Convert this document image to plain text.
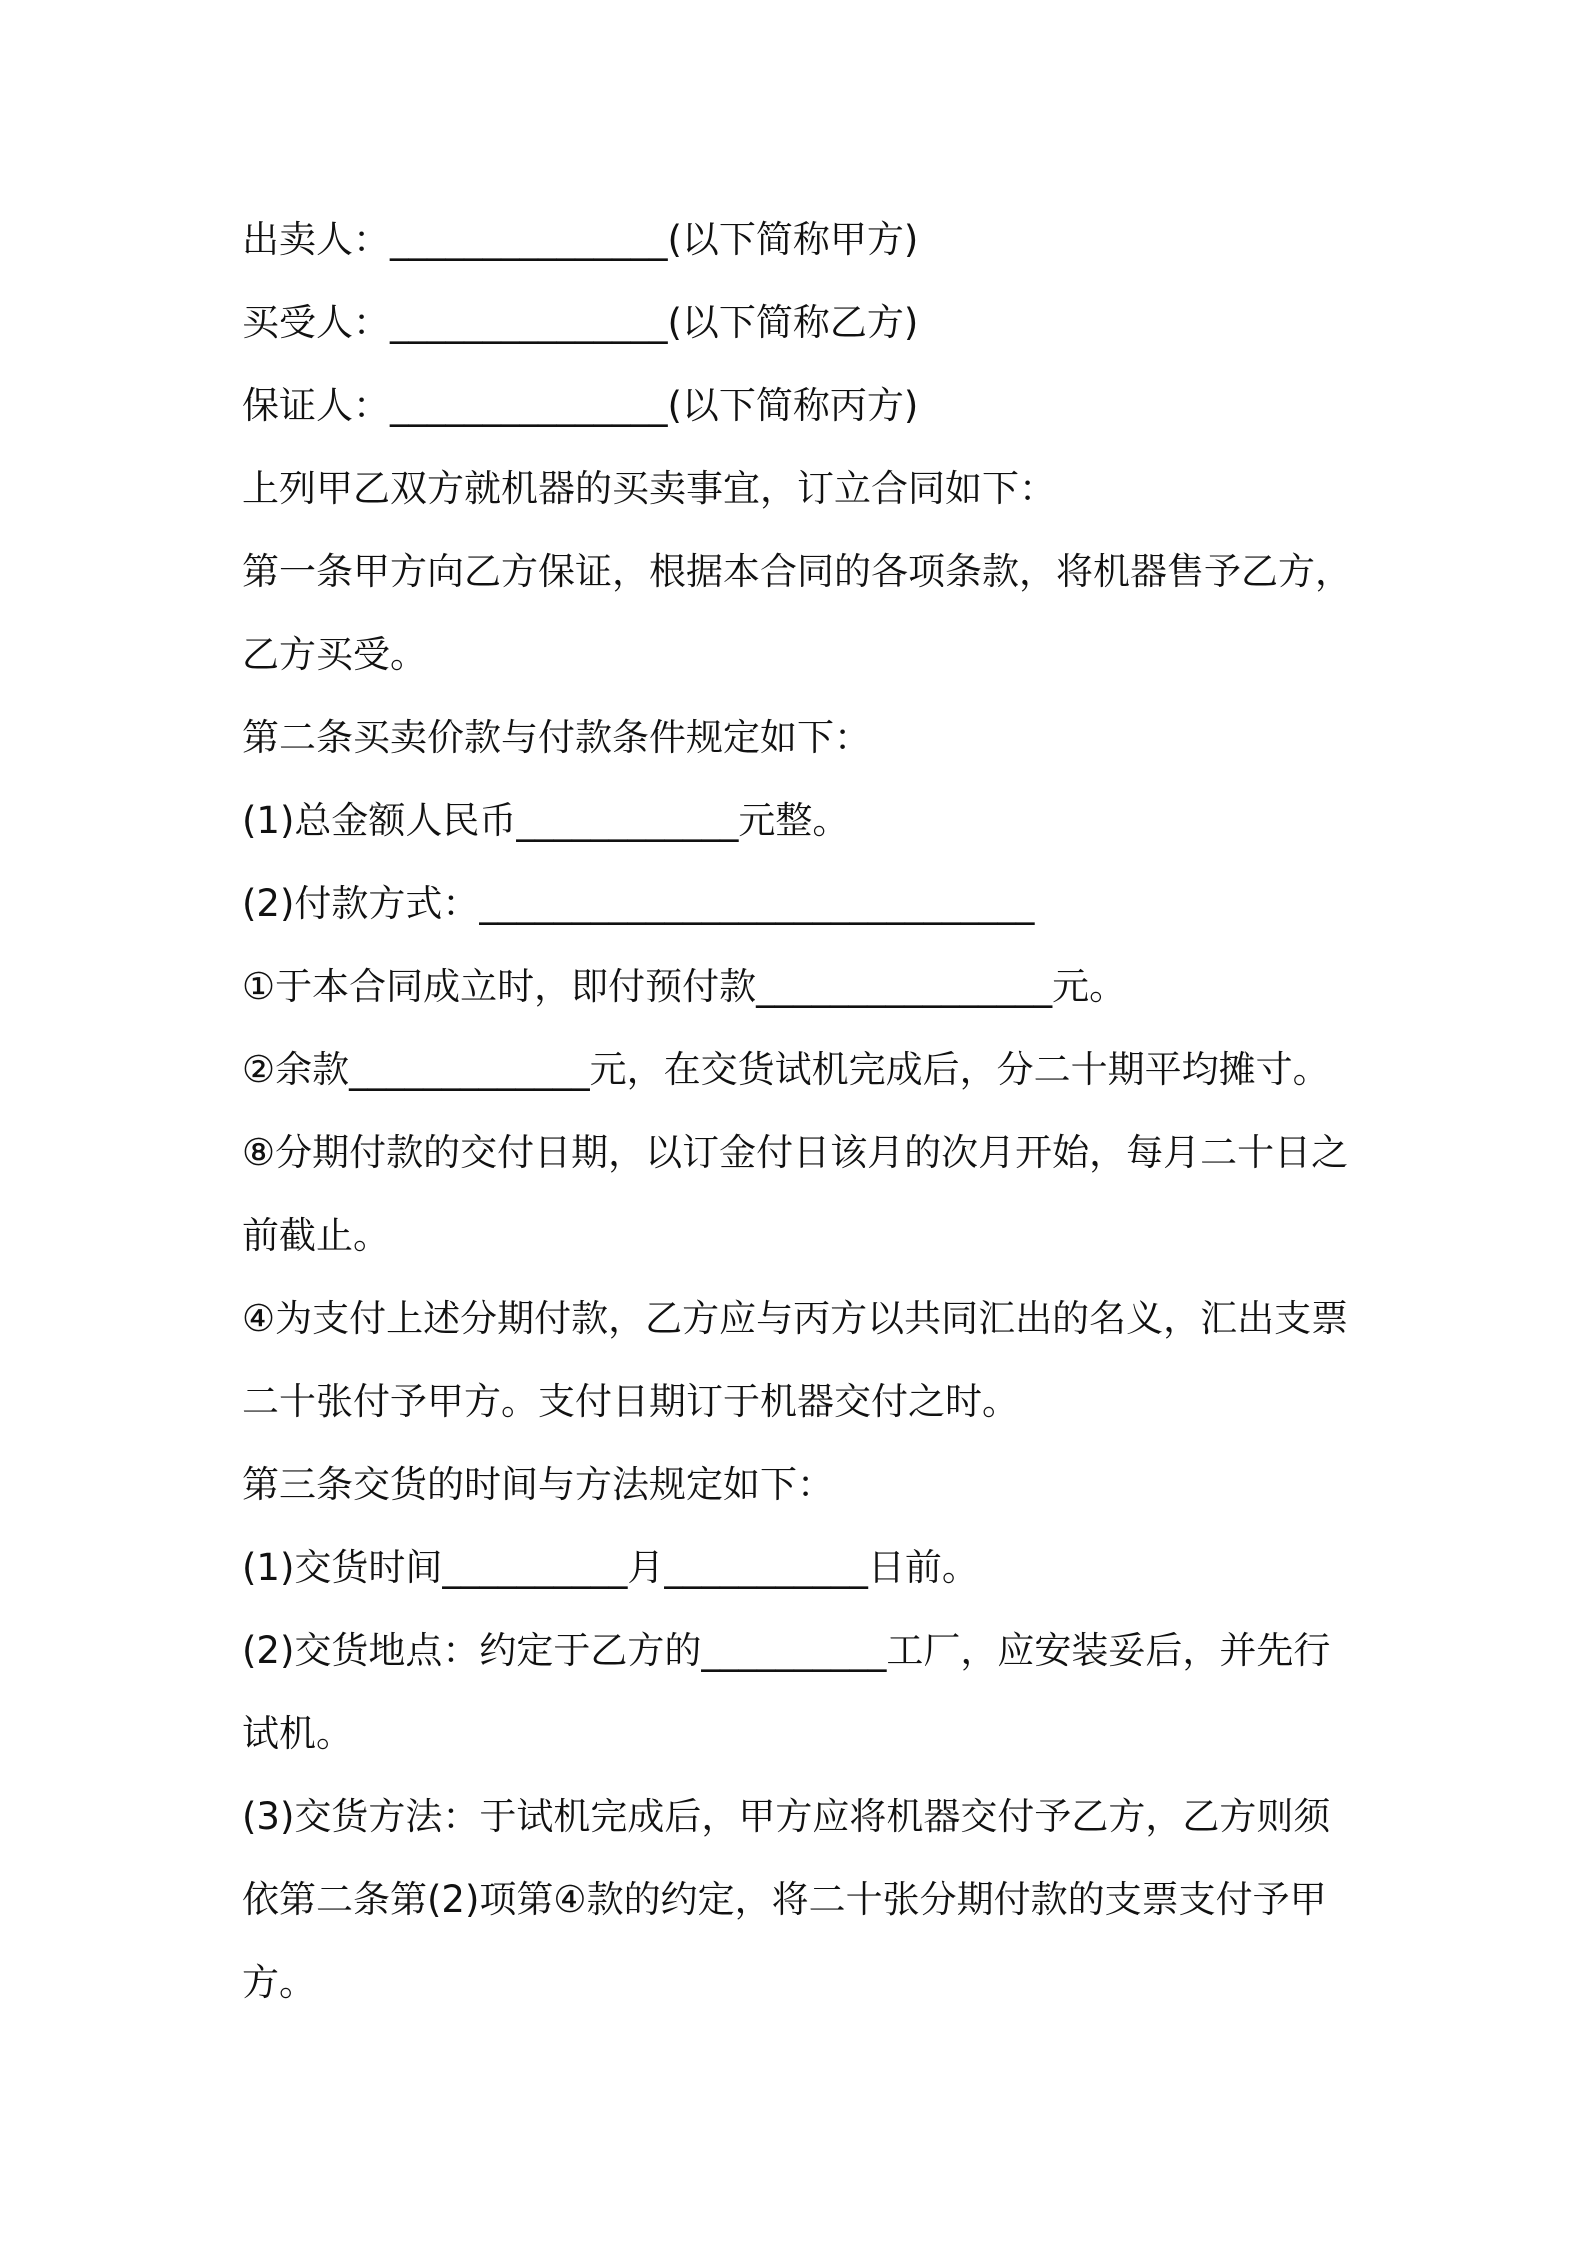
出卖人：_______________(以下简称甲方)
买受人：_______________(以下简称乙方)
保证人：_______________(以下简称丙方)
上列甲乙双方就机器的买卖事宜，订立合同如下：
第一条甲方向乙方保证，根据本合同的各项条款，将机器售予乙方，
乙方买受。
第二条买卖价款与付款条件规定如下：
(1)总金额人民币____________元整。
(2)付款方式：______________________________
①于本合同成立时，即付预付款________________元。
②余款_____________元，在交货试机完成后，分二十期平均摊寸。
⑧分期付款的交付日期，以订金付日该月的次月开始，每月二十日之
前截止。
④为支付上述分期付款，乙方应与丙方以共同汇出的名义，汇出支票
二十张付予甲方。支付日期订于机器交付之时。
第三条交货的时间与方法规定如下：
(1)交货时间__________月___________日前。
(2)交货地点：约定于乙方的__________工厂，应安装妥后，并先行
试机。
(3)交货方法：于试机完成后，甲方应将机器交付予乙方，乙方则须
依第二条第(2)项第④款的约定，将二十张分期付款的支票支付予甲
方。
